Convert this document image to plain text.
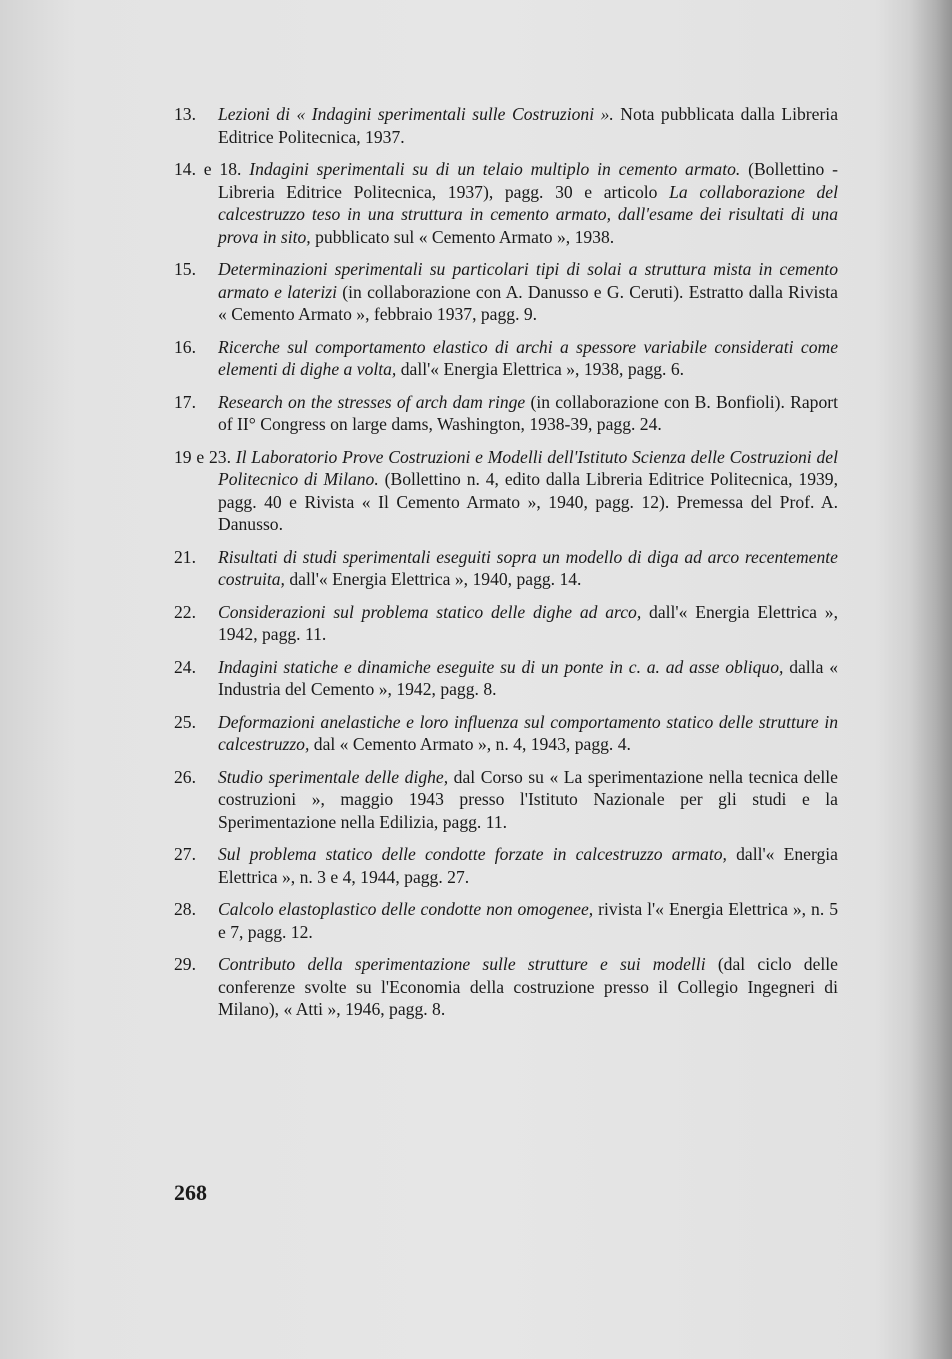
13. Lezioni di « Indagini sperimentali sulle Costruzioni ». Nota pubblicata dalla Libreria Editrice Politecnica, 1937.
14. e 18. Indagini sperimentali su di un telaio multiplo in cemento armato. (Bollettino - Libreria Editrice Politecnica, 1937), pagg. 30 e articolo La collaborazione del calcestruzzo teso in una struttura in cemento armato, dall'esame dei risultati di una prova in sito, pubblicato sul « Cemento Armato », 1938.
15. Determinazioni sperimentali su particolari tipi di solai a struttura mista in cemento armato e laterizi (in collaborazione con A. Danusso e G. Ceruti). Estratto dalla Rivista « Cemento Armato », febbraio 1937, pagg. 9.
16. Ricerche sul comportamento elastico di archi a spessore variabile considerati come elementi di dighe a volta, dall'« Energia Elettrica », 1938, pagg. 6.
17. Research on the stresses of arch dam ringe (in collaborazione con B. Bonfioli). Raport of II° Congress on large dams, Washington, 1938-39, pagg. 24.
19 e 23. Il Laboratorio Prove Costruzioni e Modelli dell'Istituto Scienza delle Costruzioni del Politecnico di Milano. (Bollettino n. 4, edito dalla Libreria Editrice Politecnica, 1939, pagg. 40 e Rivista « Il Cemento Armato », 1940, pagg. 12). Premessa del Prof. A. Danusso.
21. Risultati di studi sperimentali eseguiti sopra un modello di diga ad arco recentemente costruita, dall'« Energia Elettrica », 1940, pagg. 14.
22. Considerazioni sul problema statico delle dighe ad arco, dall'« Energia Elettrica », 1942, pagg. 11.
24. Indagini statiche e dinamiche eseguite su di un ponte in c. a. ad asse obliquo, dalla « Industria del Cemento », 1942, pagg. 8.
25. Deformazioni anelastiche e loro influenza sul comportamento statico delle strutture in calcestruzzo, dal « Cemento Armato », n. 4, 1943, pagg. 4.
26. Studio sperimentale delle dighe, dal Corso su « La sperimentazione nella tecnica delle costruzioni », maggio 1943 presso l'Istituto Nazionale per gli studi e la Sperimentazione nella Edilizia, pagg. 11.
27. Sul problema statico delle condotte forzate in calcestruzzo armato, dall'« Energia Elettrica », n. 3 e 4, 1944, pagg. 27.
28. Calcolo elastoplastico delle condotte non omogenee, rivista l'« Energia Elettrica », n. 5 e 7, pagg. 12.
29. Contributo della sperimentazione sulle strutture e sui modelli (dal ciclo delle conferenze svolte su l'Economia della costruzione presso il Collegio Ingegneri di Milano), « Atti », 1946, pagg. 8.
268
